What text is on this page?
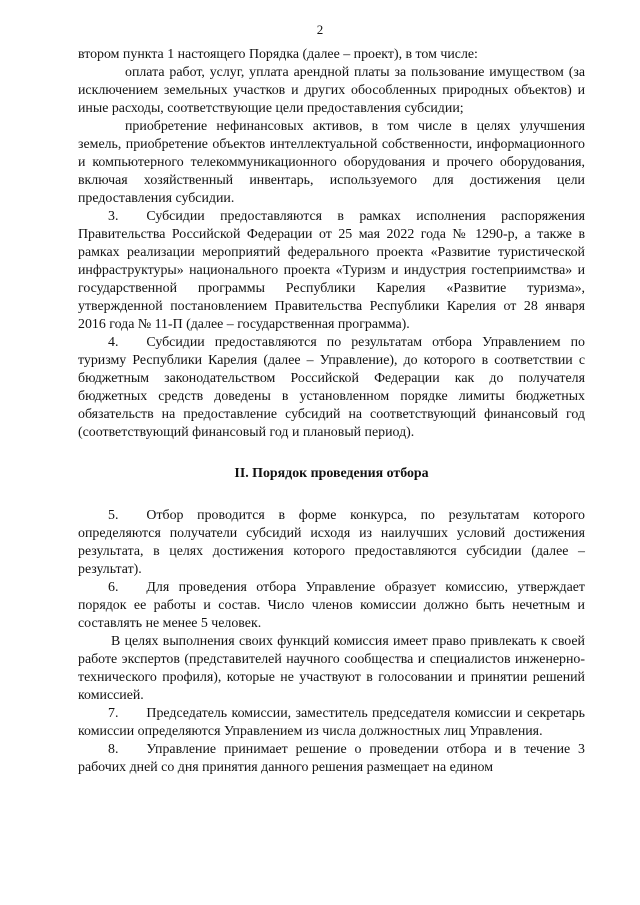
2

втором пункта 1 настоящего Порядка (далее – проект), в том числе:

оплата работ, услуг, уплата арендной платы за пользование имуществом (за исключением земельных участков и других обособленных природных объектов) и иные расходы, соответствующие цели предоставления субсидии;

приобретение нефинансовых активов, в том числе в целях улучшения земель, приобретение объектов интеллектуальной собственности, информационного и компьютерного телекоммуникационного оборудования и прочего оборудования, включая хозяйственный инвентарь, используемого для достижения цели предоставления субсидии.

3. Субсидии предоставляются в рамках исполнения распоряжения Правительства Российской Федерации от 25 мая 2022 года № 1290-р, а также в рамках реализации мероприятий федерального проекта «Развитие туристической инфраструктуры» национального проекта «Туризм и индустрия гостеприимства» и государственной программы Республики Карелия «Развитие туризма», утвержденной постановлением Правительства Республики Карелия от 28 января 2016 года № 11-П (далее – государственная программа).

4. Субсидии предоставляются по результатам отбора Управлением по туризму Республики Карелия (далее – Управление), до которого в соответствии с бюджетным законодательством Российской Федерации как до получателя бюджетных средств доведены в установленном порядке лимиты бюджетных обязательств на предоставление субсидий на соответствующий финансовый год (соответствующий финансовый год и плановый период).

II. Порядок проведения отбора

5. Отбор проводится в форме конкурса, по результатам которого определяются получатели субсидий исходя из наилучших условий достижения результата, в целях достижения которого предоставляются субсидии (далее – результат).

6. Для проведения отбора Управление образует комиссию, утверждает порядок ее работы и состав. Число членов комиссии должно быть нечетным и составлять не менее 5 человек.

В целях выполнения своих функций комиссия имеет право привлекать к своей работе экспертов (представителей научного сообщества и специалистов инженерно-технического профиля), которые не участвуют в голосовании и принятии решений комиссией.

7. Председатель комиссии, заместитель председателя комиссии и секретарь комиссии определяются Управлением из числа должностных лиц Управления.

8. Управление принимает решение о проведении отбора и в течение 3 рабочих дней со дня принятия данного решения размещает на едином
